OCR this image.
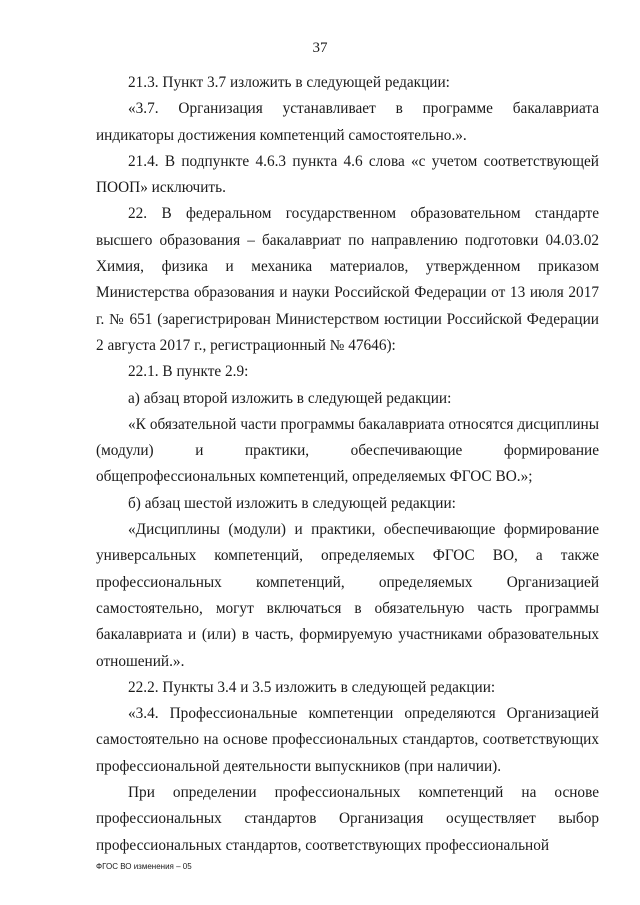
37

21.3. Пункт 3.7 изложить в следующей редакции:

«3.7. Организация устанавливает в программе бакалавриата индикаторы достижения компетенций самостоятельно.».

21.4. В подпункте 4.6.3 пункта 4.6 слова «с учетом соответствующей ПООП» исключить.

22. В федеральном государственном образовательном стандарте высшего образования – бакалавриат по направлению подготовки 04.03.02 Химия, физика и механика материалов, утвержденном приказом Министерства образования и науки Российской Федерации от 13 июля 2017 г. № 651 (зарегистрирован Министерством юстиции Российской Федерации 2 августа 2017 г., регистрационный № 47646):

22.1. В пункте 2.9:

а) абзац второй изложить в следующей редакции:

«К обязательной части программы бакалавриата относятся дисциплины (модули) и практики, обеспечивающие формирование общепрофессиональных компетенций, определяемых ФГОС ВО.»;

б) абзац шестой изложить в следующей редакции:

«Дисциплины (модули) и практики, обеспечивающие формирование универсальных компетенций, определяемых ФГОС ВО, а также профессиональных компетенций, определяемых Организацией самостоятельно, могут включаться в обязательную часть программы бакалавриата и (или) в часть, формируемую участниками образовательных отношений.».

22.2. Пункты 3.4 и 3.5 изложить в следующей редакции:

«3.4. Профессиональные компетенции определяются Организацией самостоятельно на основе профессиональных стандартов, соответствующих профессиональной деятельности выпускников (при наличии).

При определении профессиональных компетенций на основе профессиональных стандартов Организация осуществляет выбор профессиональных стандартов, соответствующих профессиональной

ФГОС ВО изменения – 05
